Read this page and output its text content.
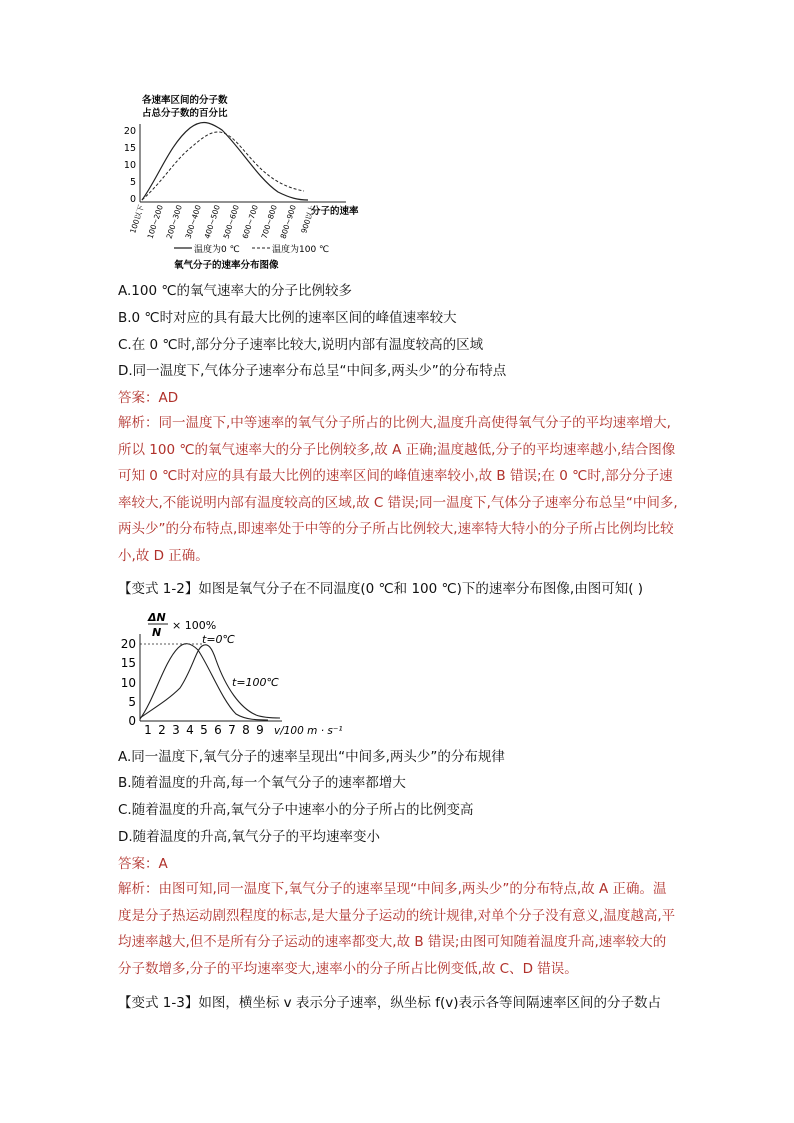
各速率区间的分子数
占总分子数的百分比
20
15
10
5
0
100以下 100~200 200~300 300~400 400~500 500~600 600~700 700~800 800~900 900以上
分子的速率
温度为0 ℃	温度为100 ℃
氧气分子的速率分布图像
A.100 ℃的氧气速率大的分子比例较多
B.0 ℃时对应的具有最大比例的速率区间的峰值速率较大
C.在 0 ℃时,部分分子速率比较大,说明内部有温度较高的区域
D.同一温度下,气体分子速率分布总呈“中间多,两头少”的分布特点
答案：AD
解析：同一温度下,中等速率的氧气分子所占的比例大,温度升高使得氧气分子的平均速率增大,所以 100 ℃的氧气速率大的分子比例较多,故 A 正确;温度越低,分子的平均速率越小,结合图像可知 0 ℃时对应的具有最大比例的速率区间的峰值速率较小,故 B 错误;在 0 ℃时,部分分子速率较大,不能说明内部有温度较高的区域,故 C 错误;同一温度下,气体分子速率分布总呈“中间多,两头少”的分布特点,即速率处于中等的分子所占比例较大,速率特大特小的分子所占比例均比较小,故 D 正确。
【变式 1-2】如图是氧气分子在不同温度(0 ℃和 100 ℃)下的速率分布图像,由图可知( )
ΔN
N
× 100%
20
15
10
5
0
t=0℃
t=100℃
1 2 3 4 5 6 7 8 9 v/100 m · s⁻¹
A.同一温度下,氧气分子的速率呈现出“中间多,两头少”的分布规律
B.随着温度的升高,每一个氧气分子的速率都增大
C.随着温度的升高,氧气分子中速率小的分子所占的比例变高
D.随着温度的升高,氧气分子的平均速率变小
答案：A
解析：由图可知,同一温度下,氧气分子的速率呈现“中间多,两头少”的分布特点,故 A 正确。温度是分子热运动剧烈程度的标志,是大量分子运动的统计规律,对单个分子没有意义,温度越高,平均速率越大,但不是所有分子运动的速率都变大,故 B 错误;由图可知随着温度升高,速率较大的分子数增多,分子的平均速率变大,速率小的分子所占比例变低,故 C、D 错误。
【变式 1-3】如图，横坐标 v 表示分子速率，纵坐标 f(v)表示各等间隔速率区间的分子数占
